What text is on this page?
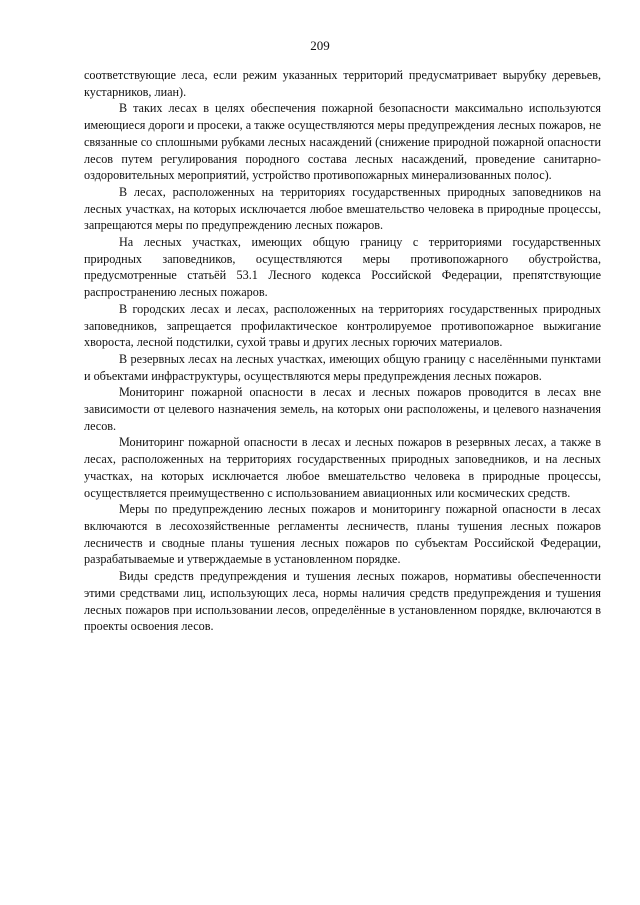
209

соответствующие леса, если режим указанных территорий предусматривает вырубку деревьев, кустарников, лиан).

В таких лесах в целях обеспечения пожарной безопасности максимально используются имеющиеся дороги и просеки, а также осуществляются меры предупреждения лесных пожаров, не связанные со сплошными рубками лесных насаждений (снижение природной пожарной опасности лесов путем регулирования породного состава лесных насаждений, проведение санитарно-оздоровительных мероприятий, устройство противопожарных минерализованных полос).

В лесах, расположенных на территориях государственных природных заповедников на лесных участках, на которых исключается любое вмешательство человека в природные процессы, запрещаются меры по предупреждению лесных пожаров.

На лесных участках, имеющих общую границу с территориями государственных природных заповедников, осуществляются меры противопожарного обустройства, предусмотренные статьёй 53.1 Лесного кодекса Российской Федерации, препятствующие распространению лесных пожаров.

В городских лесах и лесах, расположенных на территориях государственных природных заповедников, запрещается профилактическое контролируемое противопожарное выжигание хвороста, лесной подстилки, сухой травы и других лесных горючих материалов.

В резервных лесах на лесных участках, имеющих общую границу с населёнными пунктами и объектами инфраструктуры, осуществляются меры предупреждения лесных пожаров.

Мониторинг пожарной опасности в лесах и лесных пожаров проводится в лесах вне зависимости от целевого назначения земель, на которых они расположены, и целевого назначения лесов.

Мониторинг пожарной опасности в лесах и лесных пожаров в резервных лесах, а также в лесах, расположенных на территориях государственных природных заповедников, и на лесных участках, на которых исключается любое вмешательство человека в природные процессы, осуществляется преимущественно с использованием авиационных или космических средств.

Меры по предупреждению лесных пожаров и мониторингу пожарной опасности в лесах включаются в лесохозяйственные регламенты лесничеств, планы тушения лесных пожаров лесничеств и сводные планы тушения лесных пожаров по субъектам Российской Федерации, разрабатываемые и утверждаемые в установленном порядке.

Виды средств предупреждения и тушения лесных пожаров, нормативы обеспеченности этими средствами лиц, использующих леса, нормы наличия средств предупреждения и тушения лесных пожаров при использовании лесов, определённые в установленном порядке, включаются в проекты освоения лесов.
